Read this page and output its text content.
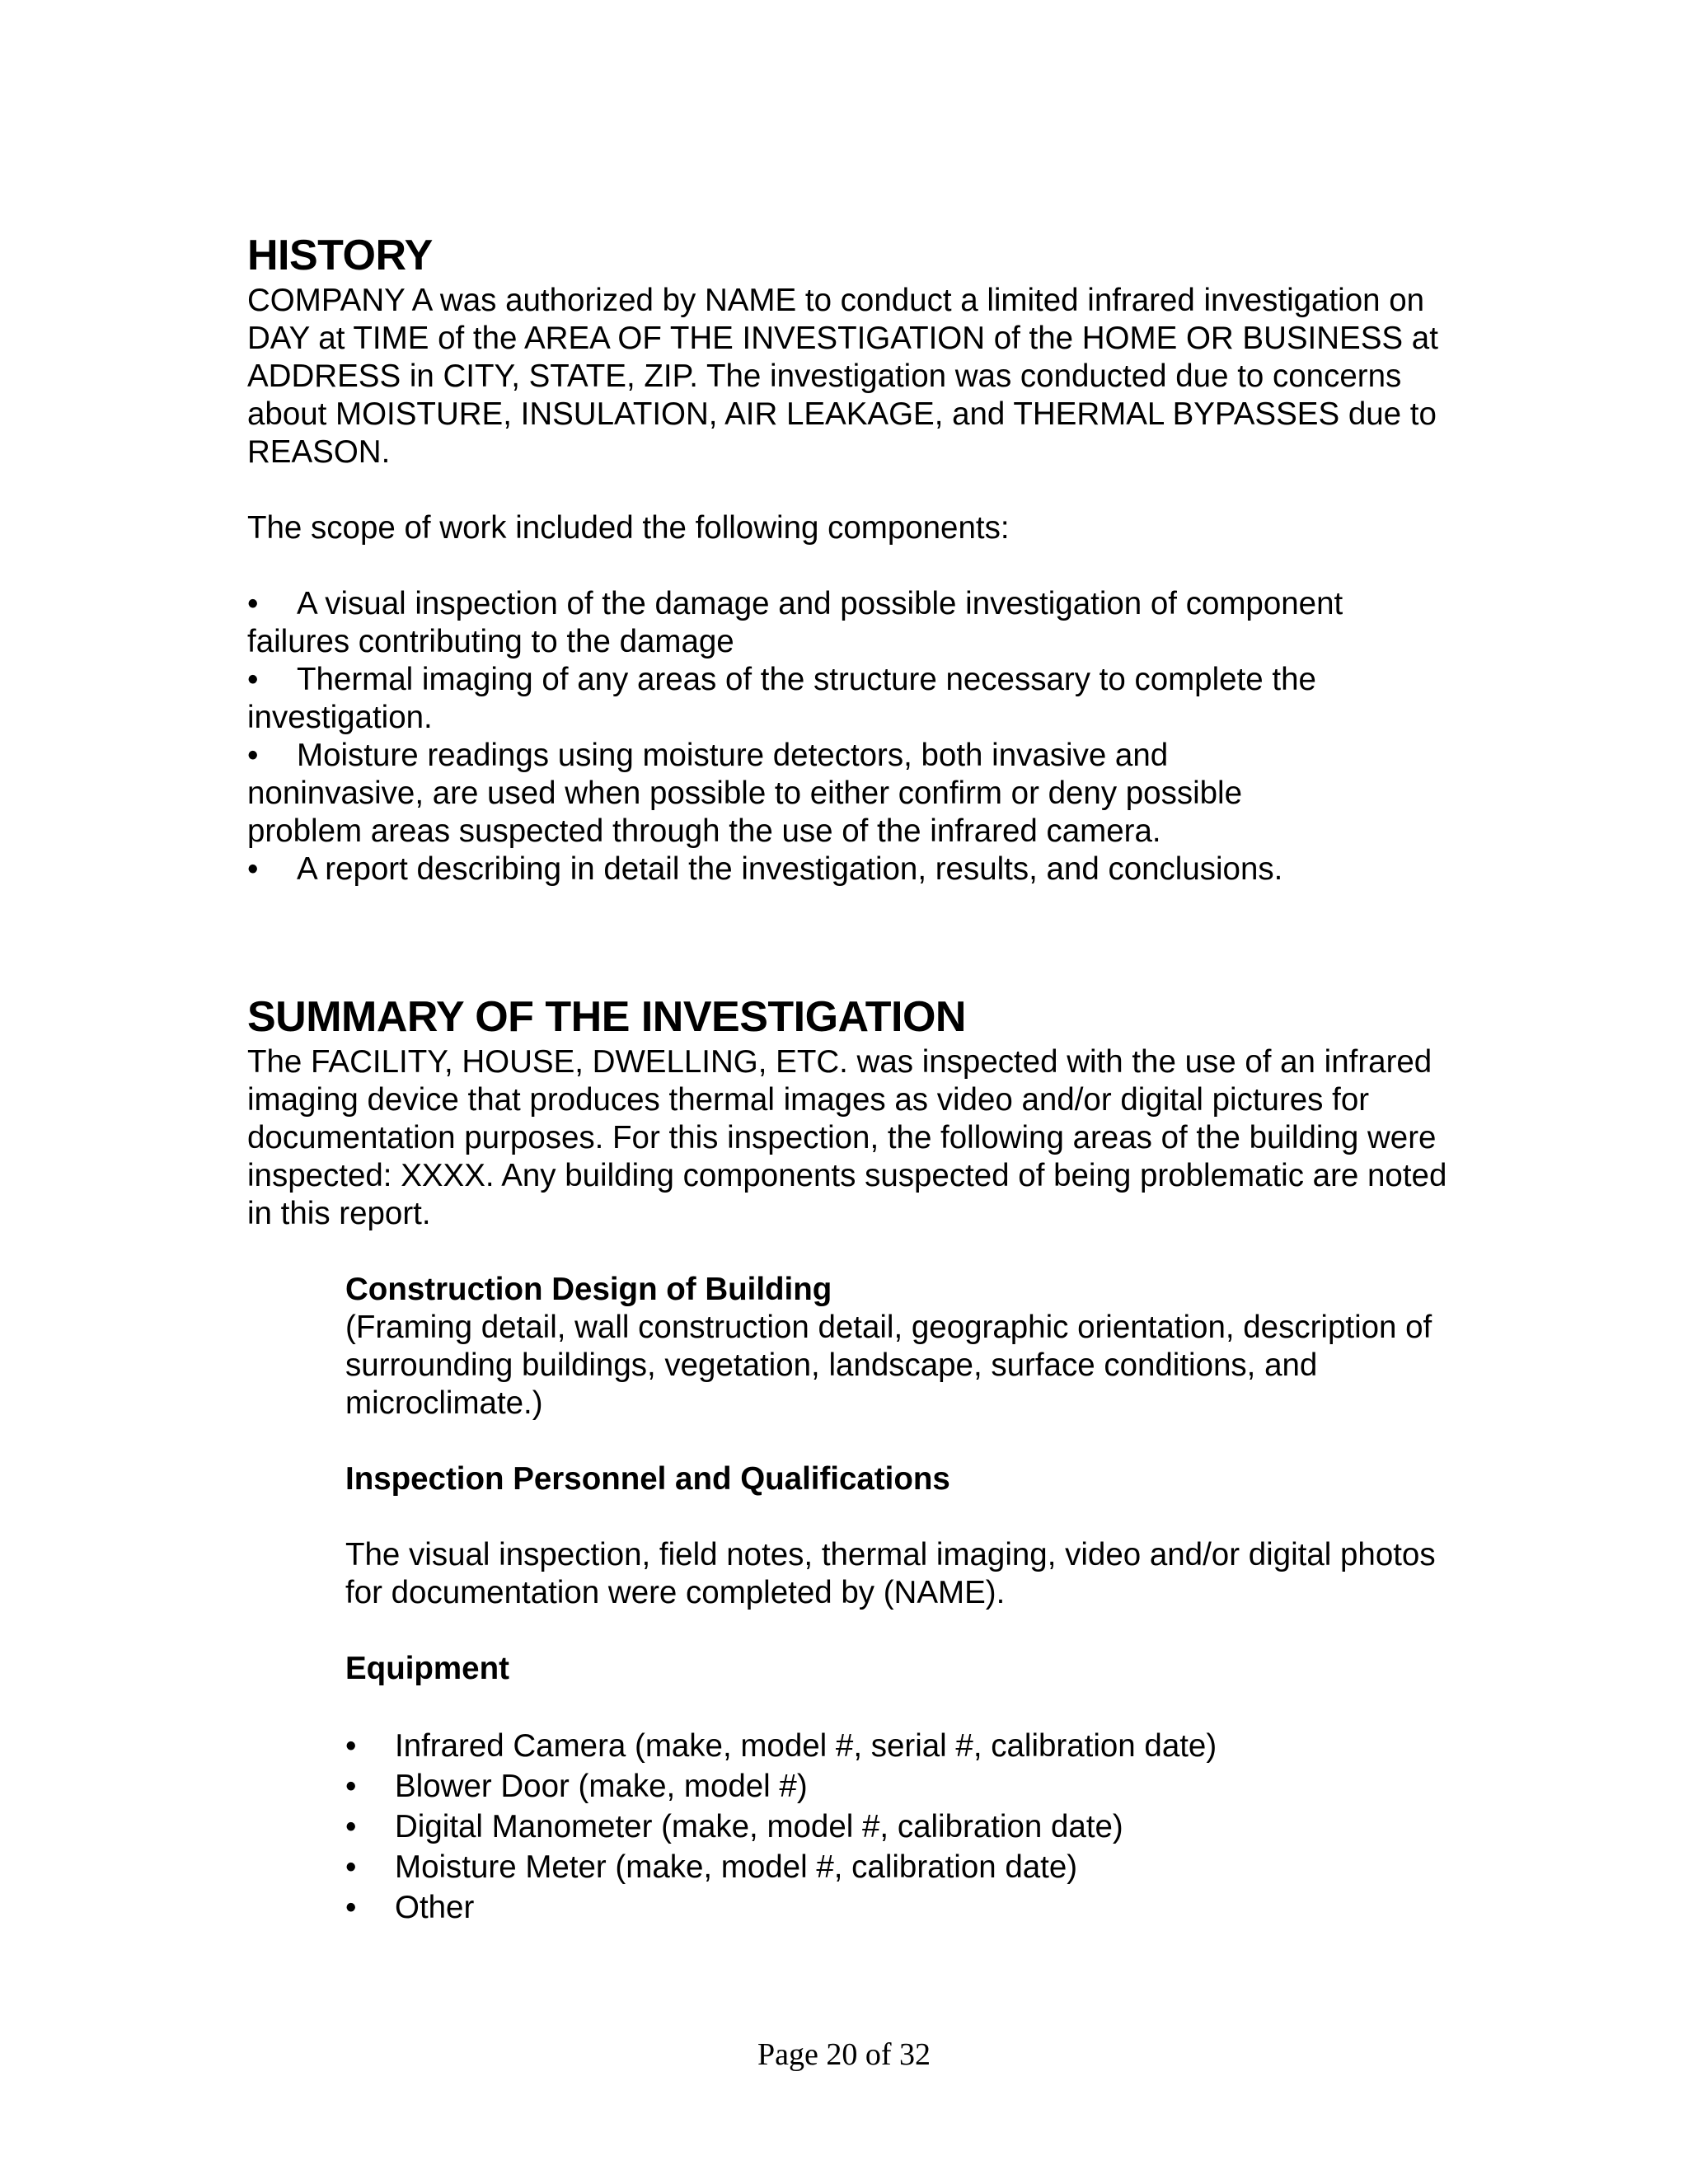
HISTORY

COMPANY A was authorized by NAME to conduct a limited infrared investigation on DAY at TIME of the AREA OF THE INVESTIGATION of the HOME OR BUSINESS at ADDRESS in CITY, STATE, ZIP. The investigation was conducted due to concerns about MOISTURE, INSULATION, AIR LEAKAGE, and THERMAL BYPASSES due to REASON.

The scope of work included the following components:

• A visual inspection of the damage and possible investigation of component failures contributing to the damage
• Thermal imaging of any areas of the structure necessary to complete the investigation.
• Moisture readings using moisture detectors, both invasive and noninvasive, are used when possible to either confirm or deny possible problem areas suspected through the use of the infrared camera.
• A report describing in detail the investigation, results, and conclusions.
SUMMARY OF THE INVESTIGATION

The FACILITY, HOUSE, DWELLING, ETC. was inspected with the use of an infrared imaging device that produces thermal images as video and/or digital pictures for documentation purposes. For this inspection, the following areas of the building were inspected: XXXX. Any building components suspected of being problematic are noted in this report.

Construction Design of Building

(Framing detail, wall construction detail, geographic orientation, description of surrounding buildings, vegetation, landscape, surface conditions, and microclimate.)

Inspection Personnel and Qualifications

The visual inspection, field notes, thermal imaging, video and/or digital photos for documentation were completed by (NAME).

Equipment

• Infrared Camera (make, model #, serial #, calibration date)
• Blower Door (make, model #)
• Digital Manometer (make, model #, calibration date)
• Moisture Meter (make, model #, calibration date)
• Other
Page 20 of 32
